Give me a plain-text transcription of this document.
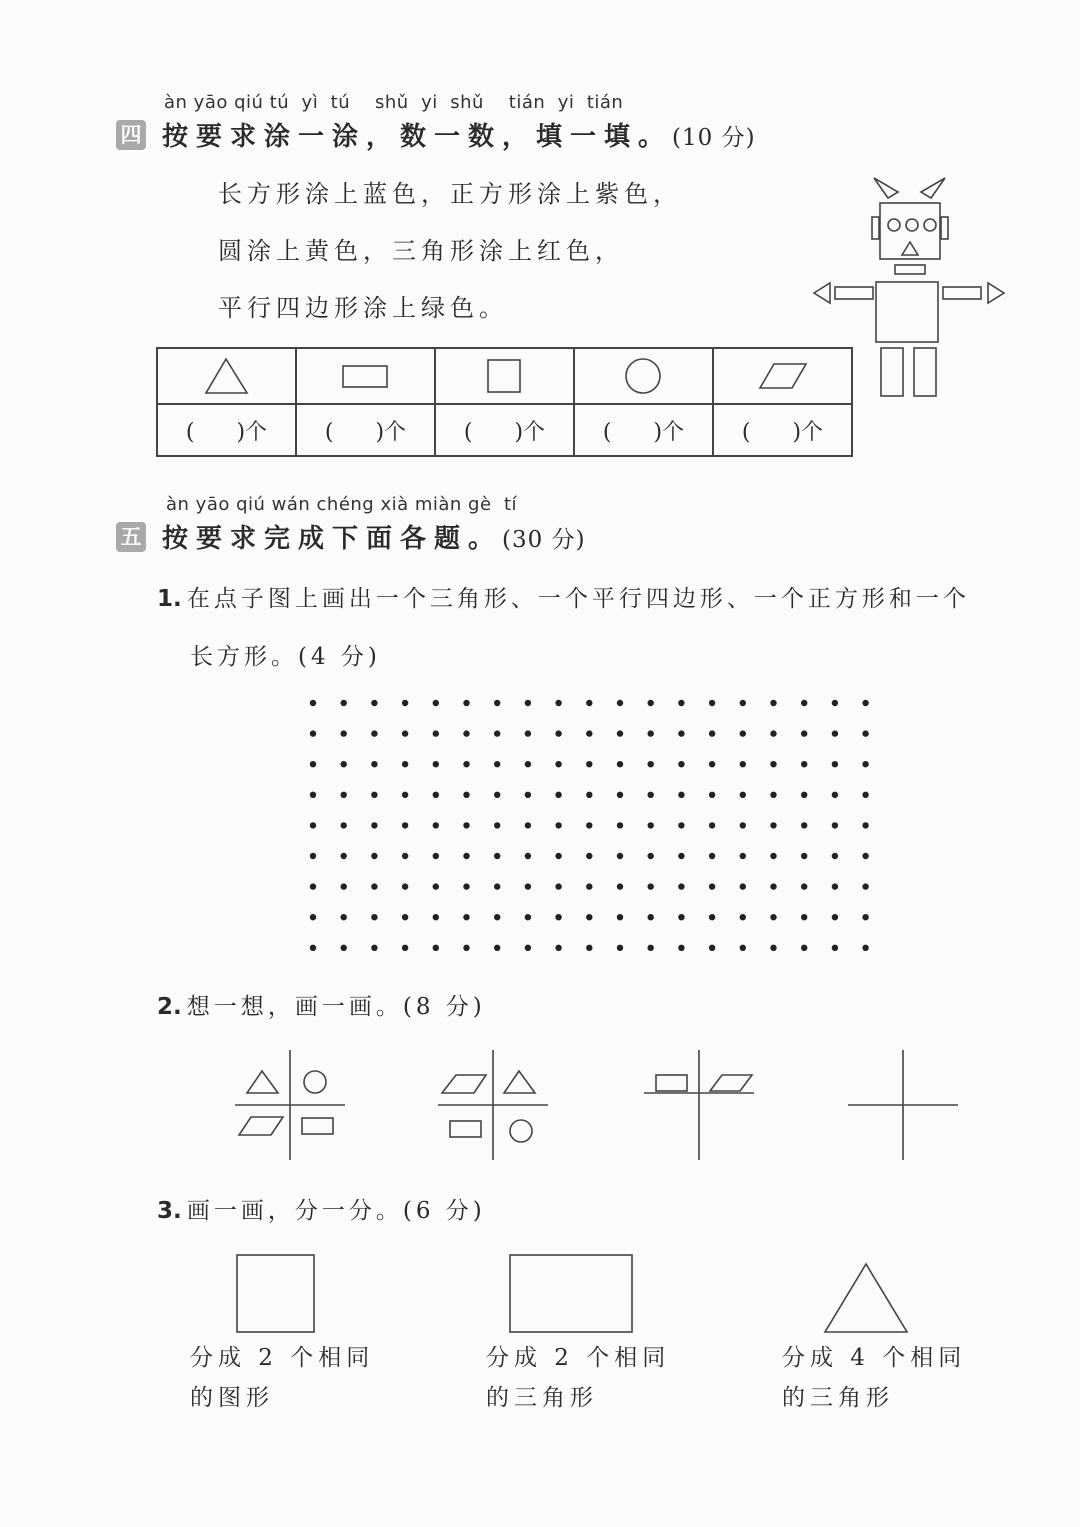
àn yāo qiú tú  yì  tú    shǔ  yi  shǔ    tián  yi  tián
四 按要求涂一涂，数一数，填一填。(10 分)
长方形涂上蓝色，正方形涂上紫色，
圆涂上黄色，三角形涂上红色，
平行四边形涂上绿色。

(      )个	(      )个	(      )个	(      )个	(      )个
àn yāo qiú wán chéng xià miàn gè  tí
五 按要求完成下面各题。(30 分)
1. 在点子图上画出一个三角形、一个平行四边形、一个正方形和一个
长方形。(4 分)
2. 想一想，画一画。(8 分)
3. 画一画，分一分。(6 分)
分成 2 个相同
的图形
分成 2 个相同
的三角形
分成 4 个相同
的三角形
